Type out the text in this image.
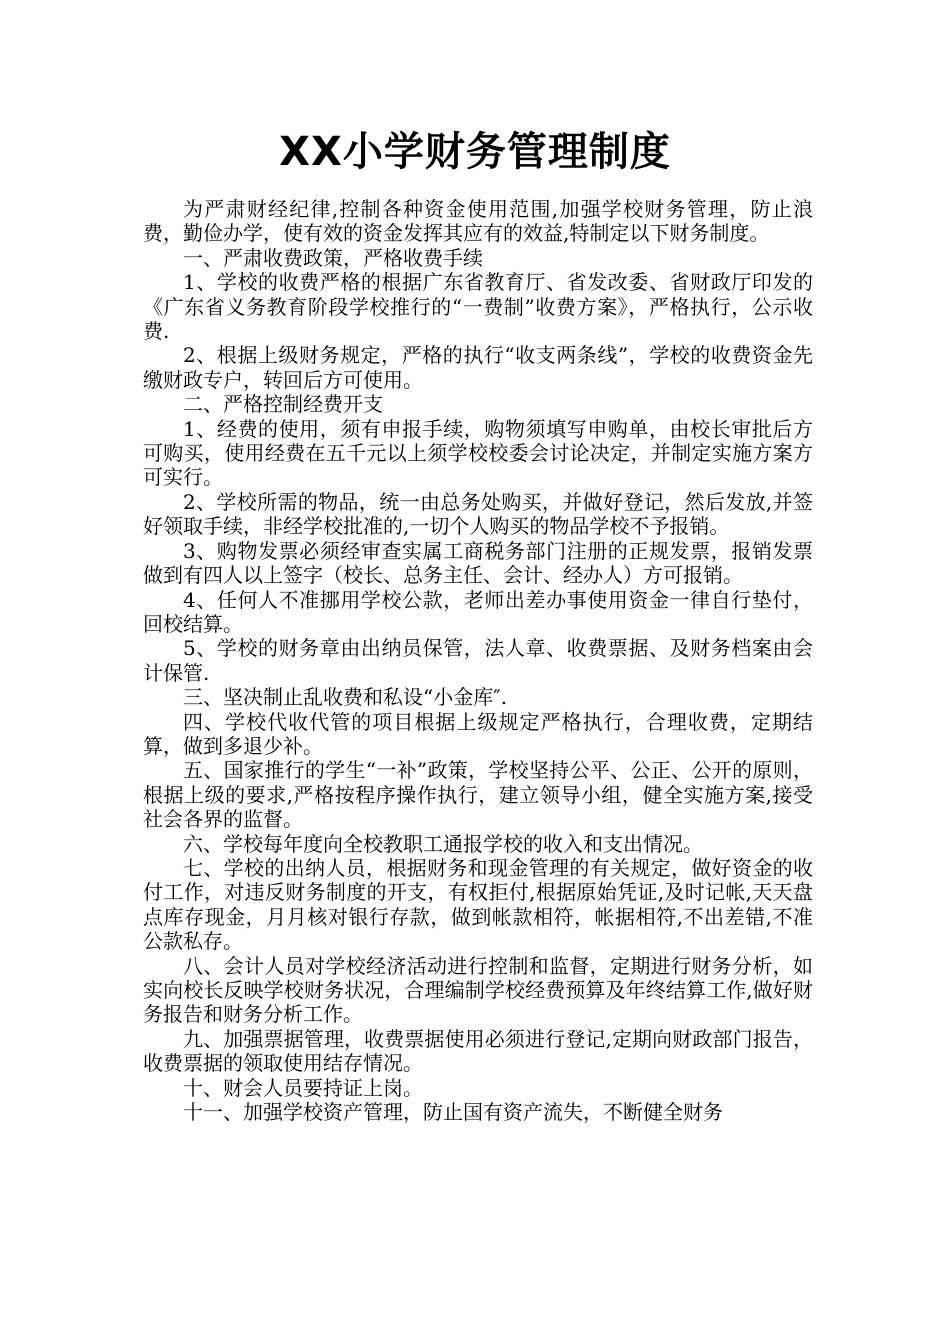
XX小学财务管理制度

为严肃财经纪律,控制各种资金使用范围,加强学校财务管理，防止浪费，勤俭办学，使有效的资金发挥其应有的效益,特制定以下财务制度。

一、严肃收费政策，严格收费手续

1、学校的收费严格的根据广东省教育厅、省发改委、省财政厅印发的《广东省义务教育阶段学校推行的“一费制”收费方案》，严格执行，公示收费.

2、根据上级财务规定，严格的执行“收支两条线”，学校的收费资金先缴财政专户，转回后方可使用。

二、严格控制经费开支

1、经费的使用，须有申报手续，购物须填写申购单，由校长审批后方可购买，使用经费在五千元以上须学校校委会讨论决定，并制定实施方案方可实行。

2、学校所需的物品，统一由总务处购买，并做好登记，然后发放,并签好领取手续，非经学校批准的,一切个人购买的物品学校不予报销。

3、购物发票必须经审查实属工商税务部门注册的正规发票，报销发票做到有四人以上签字（校长、总务主任、会计、经办人）方可报销。

4、任何人不准挪用学校公款，老师出差办事使用资金一律自行垫付，回校结算。

5、学校的财务章由出纳员保管，法人章、收费票据、及财务档案由会计保管.

三、坚决制止乱收费和私设“小金库″.

四、学校代收代管的项目根据上级规定严格执行，合理收费，定期结算，做到多退少补。

五、国家推行的学生“一补”政策，学校坚持公平、公正、公开的原则，根据上级的要求,严格按程序操作执行，建立领导小组，健全实施方案,接受社会各界的监督。

六、学校每年度向全校教职工通报学校的收入和支出情况。

七、学校的出纳人员，根据财务和现金管理的有关规定，做好资金的收付工作，对违反财务制度的开支，有权拒付,根据原始凭证,及时记帐,天天盘点库存现金，月月核对银行存款，做到帐款相符，帐据相符,不出差错,不准公款私存。

八、会计人员对学校经济活动进行控制和监督，定期进行财务分析，如实向校长反映学校财务状况，合理编制学校经费预算及年终结算工作,做好财务报告和财务分析工作。

九、加强票据管理，收费票据使用必须进行登记,定期向财政部门报告，收费票据的领取使用结存情况。

十、财会人员要持证上岗。

十一、加强学校资产管理，防止国有资产流失，不断健全财务
